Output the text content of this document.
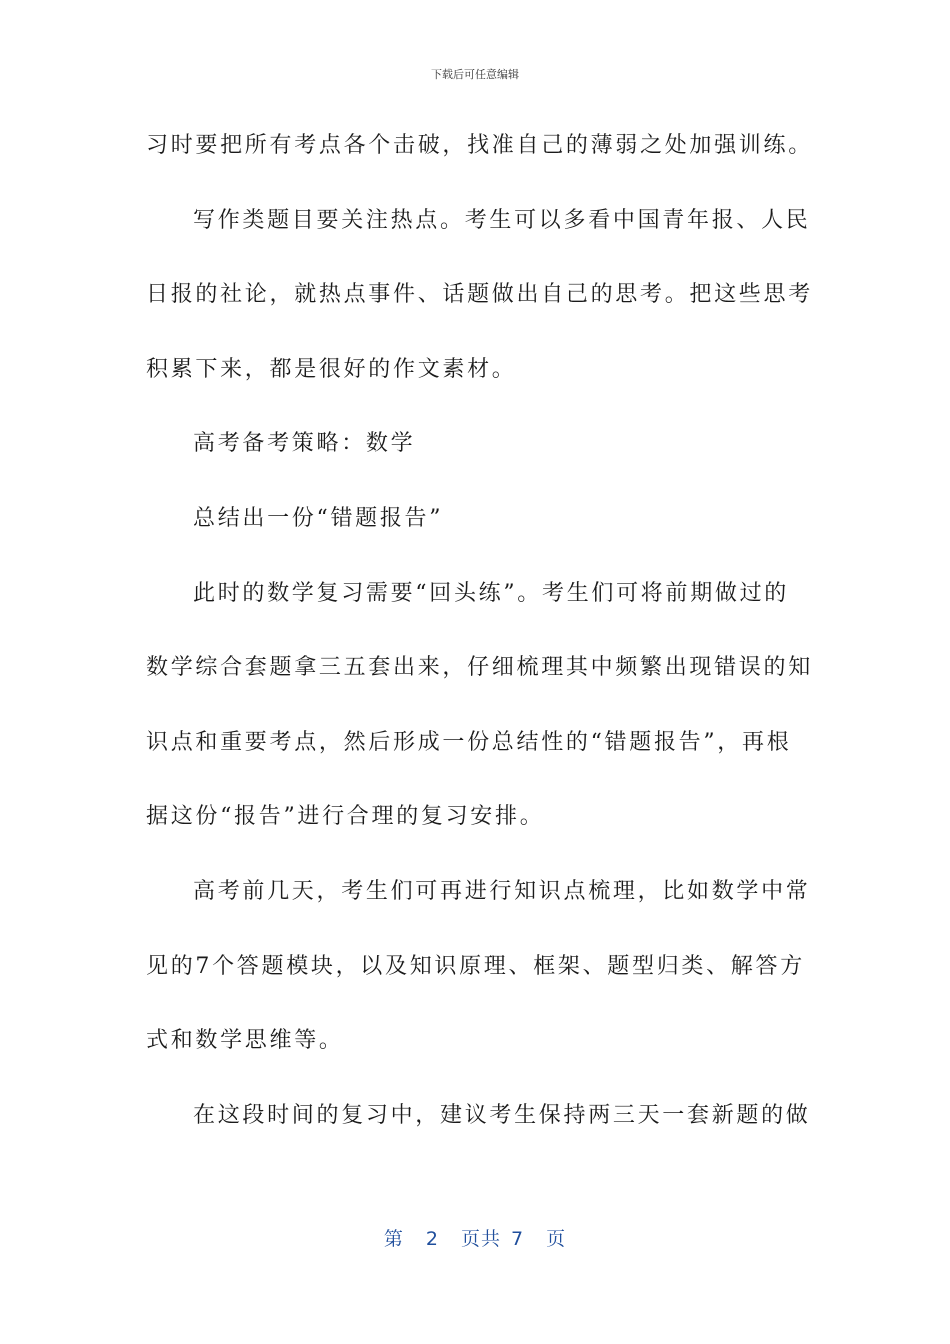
下载后可任意编辑
习时要把所有考点各个击破，找准自己的薄弱之处加强训练。
写作类题目要关注热点。考生可以多看中国青年报、人民
日报的社论，就热点事件、话题做出自己的思考。把这些思考
积累下来，都是很好的作文素材。
高考备考策略：数学
总结出一份“错题报告”
此时的数学复习需要“回头练”。考生们可将前期做过的
数学综合套题拿三五套出来，仔细梳理其中频繁出现错误的知
识点和重要考点，然后形成一份总结性的“错题报告”，再根
据这份“报告”进行合理的复习安排。
高考前几天，考生们可再进行知识点梳理，比如数学中常
见的7个答题模块，以及知识原理、框架、题型归类、解答方
式和数学思维等。
在这段时间的复习中，建议考生保持两三天一套新题的做
第 2 页共 7 页
